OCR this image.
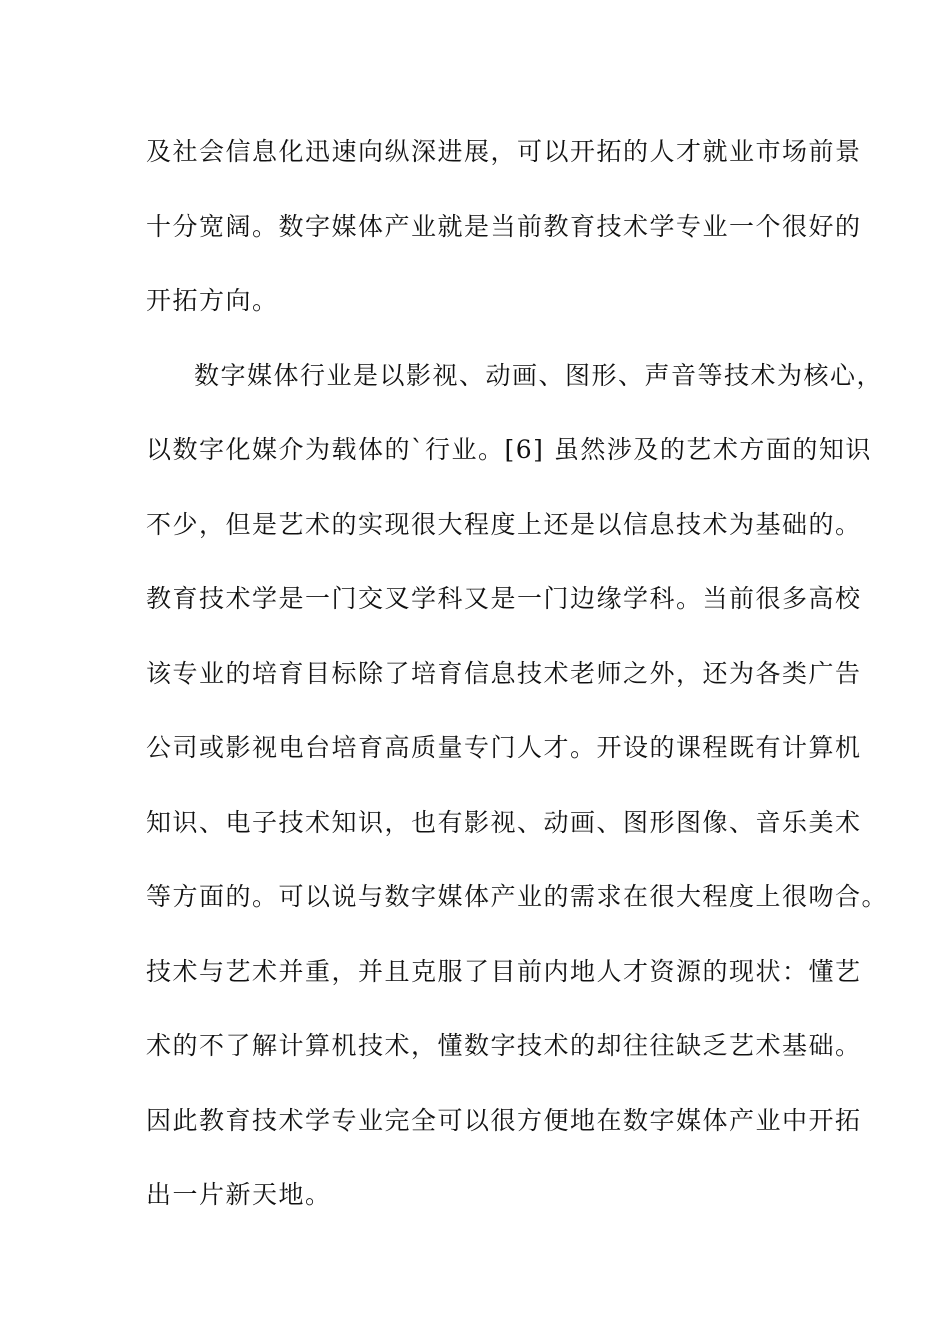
及社会信息化迅速向纵深进展，可以开拓的人才就业市场前景
十分宽阔。数字媒体产业就是当前教育技术学专业一个很好的
开拓方向。
数字媒体行业是以影视、动画、图形、声音等技术为核心，
以数字化媒介为载体的`行业。[6] 虽然涉及的艺术方面的知识
不少，但是艺术的实现很大程度上还是以信息技术为基础的。
教育技术学是一门交叉学科又是一门边缘学科。当前很多高校
该专业的培育目标除了培育信息技术老师之外，还为各类广告
公司或影视电台培育高质量专门人才。开设的课程既有计算机
知识、电子技术知识，也有影视、动画、图形图像、音乐美术
等方面的。可以说与数字媒体产业的需求在很大程度上很吻合。
技术与艺术并重，并且克服了目前内地人才资源的现状：懂艺
术的不了解计算机技术，懂数字技术的却往往缺乏艺术基础。
因此教育技术学专业完全可以很方便地在数字媒体产业中开拓
出一片新天地。
